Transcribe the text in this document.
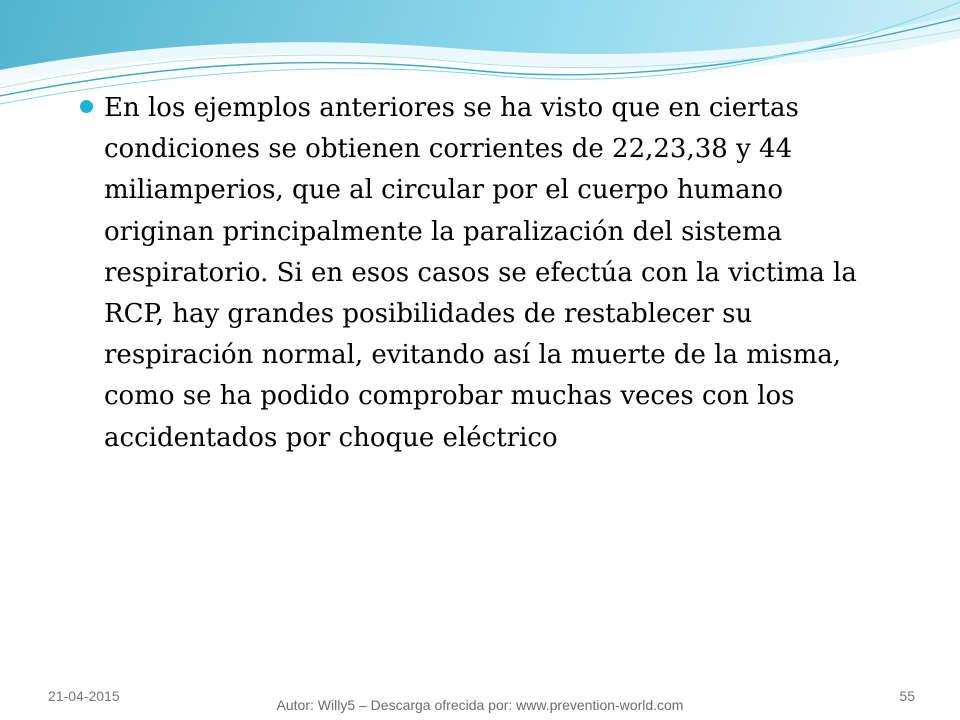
En los ejemplos anteriores se ha visto que en ciertas condiciones se obtienen corrientes de 22,23,38 y 44 miliamperios, que al circular por el cuerpo humano originan principalmente la paralización del sistema respiratorio. Si en esos casos se efectúa con la victima la RCP, hay grandes posibilidades de restablecer su respiración normal, evitando así la muerte de la misma, como se ha podido comprobar muchas veces con los accidentados por choque eléctrico
21-04-2015
Autor: Willy5 – Descarga ofrecida por: www.prevention-world.com
55
